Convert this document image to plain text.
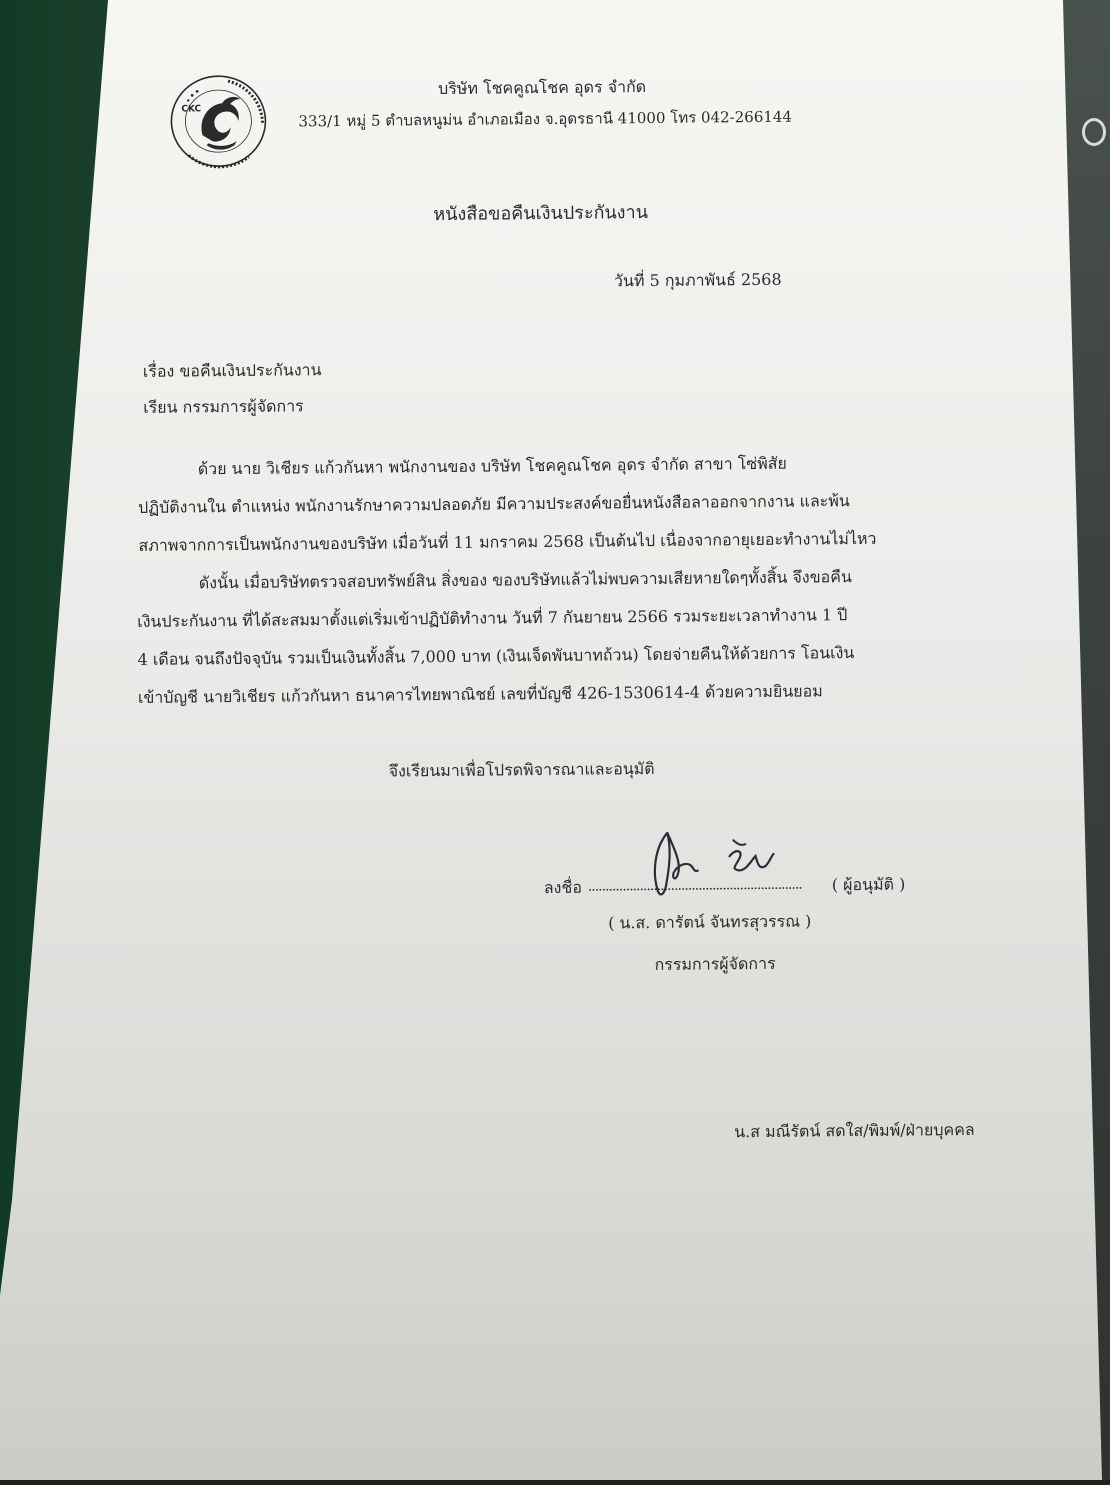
CKC
บริษัท โชคคูณโชค อุดร จำกัด
333/1 หมู่ 5 ตำบลหนูม่น อำเภอเมือง จ.อุดรธานี 41000 โทร 042-266144
หนังสือขอคืนเงินประกันงาน
วันที่ 5 กุมภาพันธ์ 2568
เรื่อง ขอคืนเงินประกันงาน
เรียน กรรมการผู้จัดการ
ด้วย นาย วิเชียร แก้วกันหา พนักงานของ บริษัท โชคคูณโชค อุดร จำกัด สาขา โซ่พิสัย
ปฏิบัติงานใน ตำแหน่ง พนักงานรักษาความปลอดภัย มีความประสงค์ขอยื่นหนังสือลาออกจากงาน และพ้น
สภาพจากการเป็นพนักงานของบริษัท เมื่อวันที่ 11 มกราคม 2568 เป็นต้นไป เนื่องจากอายุเยอะทำงานไม่ไหว
ดังนั้น เมื่อบริษัทตรวจสอบทรัพย์สิน สิ่งของ ของบริษัทแล้วไม่พบความเสียหายใดๆทั้งสิ้น จึงขอคืน
เงินประกันงาน ที่ได้สะสมมาตั้งแต่เริ่มเข้าปฏิบัติทำงาน วันที่ 7 กันยายน 2566 รวมระยะเวลาทำงาน 1 ปี
4 เดือน จนถึงปัจจุบัน รวมเป็นเงินทั้งสิ้น 7,000 บาท (เงินเจ็ดพันบาทถ้วน) โดยจ่ายคืนให้ด้วยการ โอนเงิน
เข้าบัญชี นายวิเชียร แก้วกันหา ธนาคารไทยพาณิชย์ เลขที่บัญชี 426-1530614-4 ด้วยความยินยอม
จึงเรียนมาเพื่อโปรดพิจารณาและอนุมัติ
ลงชื่อ .............................................................. ( ผู้อนุมัติ )
( น.ส. ดารัตน์ จันทรสุวรรณ )
กรรมการผู้จัดการ
น.ส มณีรัตน์ สดใส/พิมพ์/ฝ่ายบุคคล
